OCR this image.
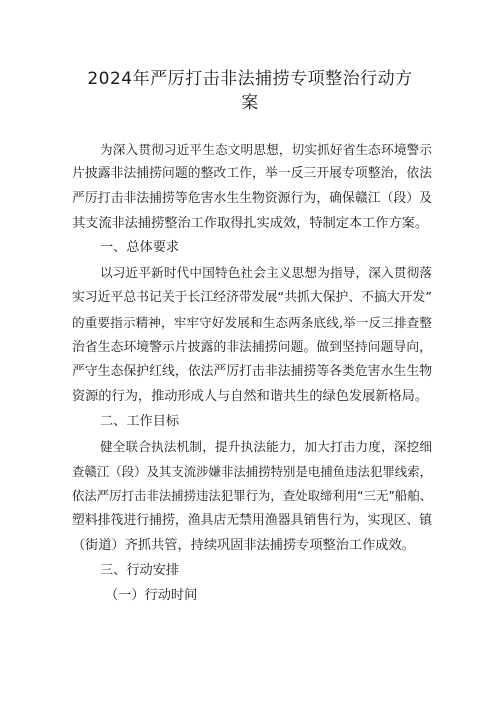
2024年严厉打击非法捕捞专项整治行动方
案
为深入贯彻习近平生态文明思想，切实抓好省生态环境警示
片披露非法捕捞问题的整改工作，举一反三开展专项整治，依法
严厉打击非法捕捞等危害水生生物资源行为，确保赣江（段）及
其支流非法捕捞整治工作取得扎实成效，特制定本工作方案。
一、总体要求
以习近平新时代中国特色社会主义思想为指导，深入贯彻落
实习近平总书记关于长江经济带发展“共抓大保护、不搞大开发”
的重要指示精神，牢牢守好发展和生态两条底线,举一反三排查整
治省生态环境警示片披露的非法捕捞问题。做到坚持问题导向，
严守生态保护红线，依法严厉打击非法捕捞等各类危害水生生物
资源的行为，推动形成人与自然和谐共生的绿色发展新格局。
二、工作目标
健全联合执法机制，提升执法能力，加大打击力度，深挖细
查赣江（段）及其支流涉嫌非法捕捞特别是电捕鱼违法犯罪线索，
依法严厉打击非法捕捞违法犯罪行为，查处取缔利用“三无”船舶、
塑料排筏进行捕捞，渔具店无禁用渔器具销售行为，实现区、镇
（街道）齐抓共管，持续巩固非法捕捞专项整治工作成效。
三、行动安排
（一）行动时间
